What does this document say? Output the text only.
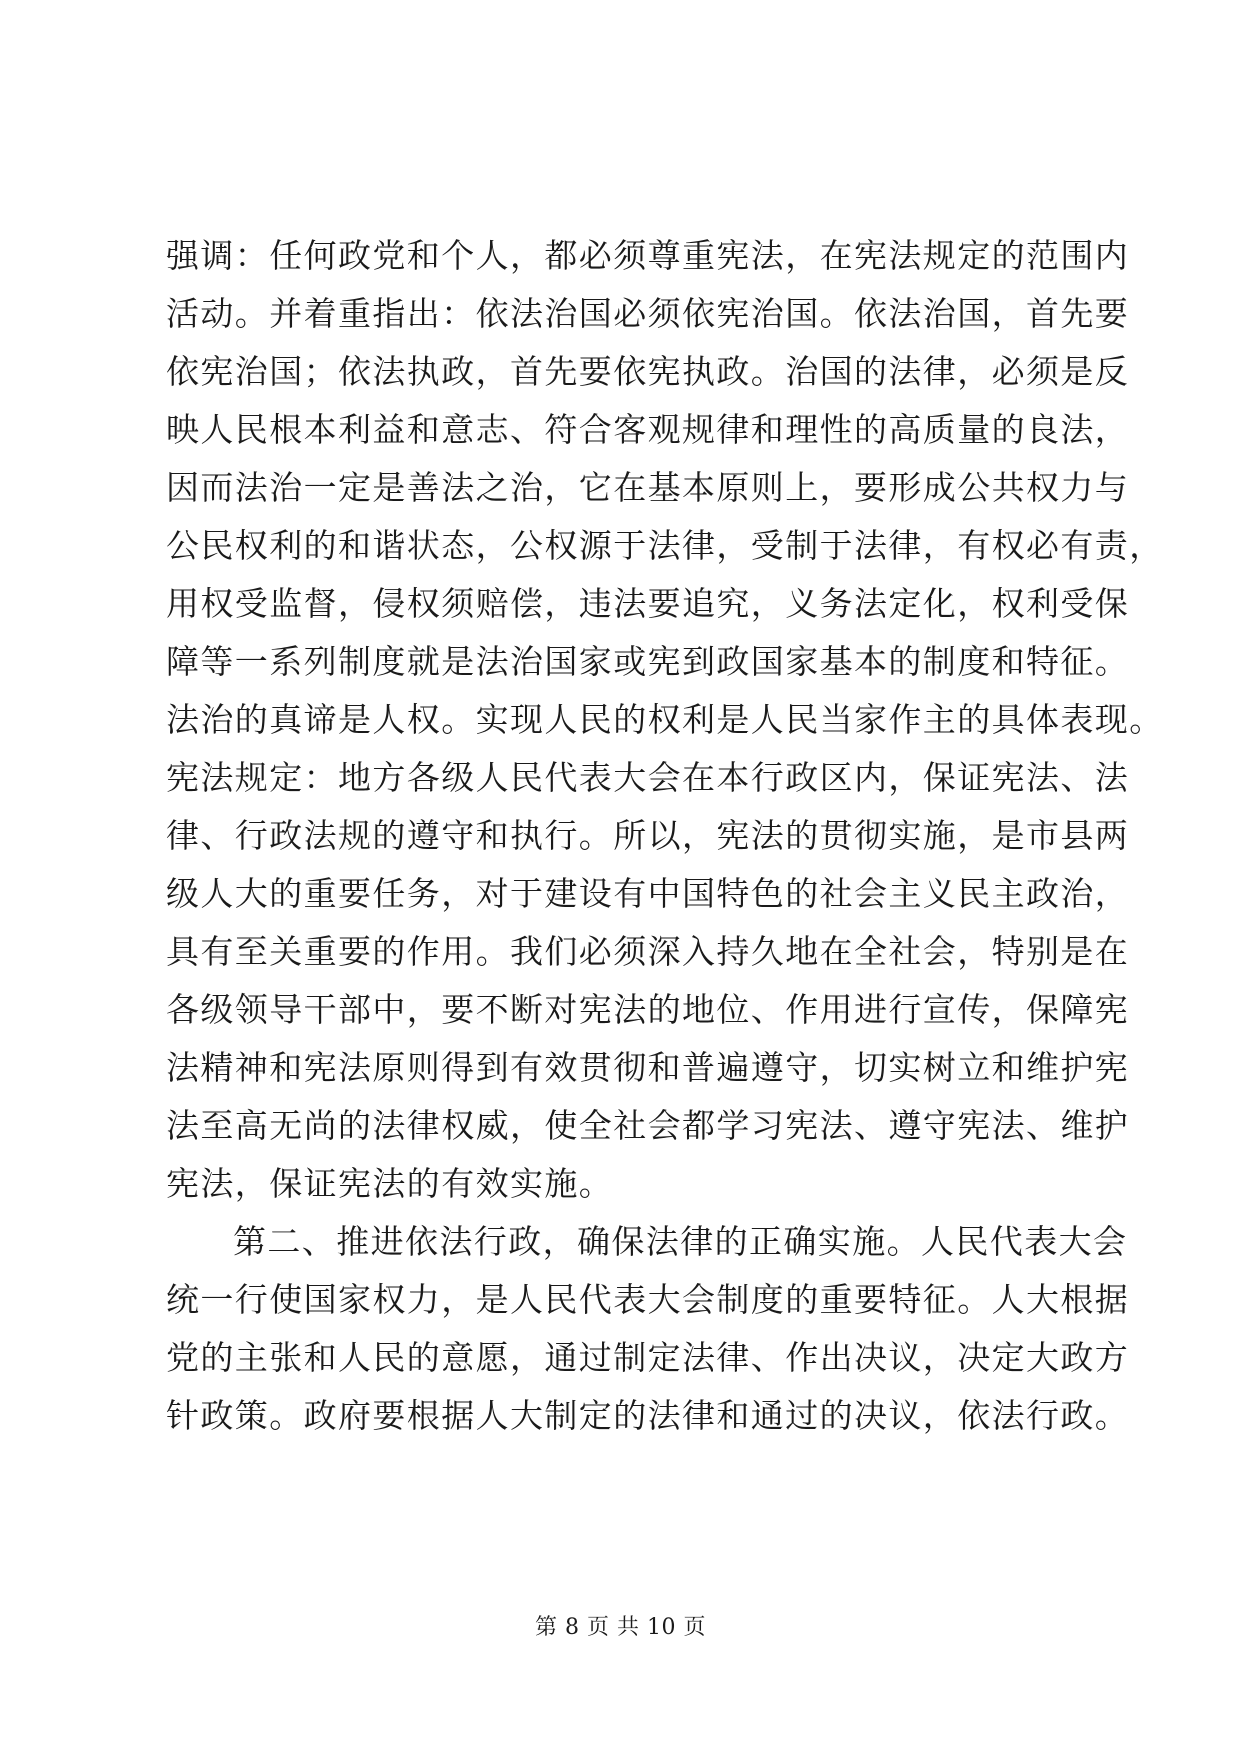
强调：任何政党和个人，都必须尊重宪法，在宪法规定的范围内
活动。并着重指出：依法治国必须依宪治国。依法治国，首先要
依宪治国；依法执政，首先要依宪执政。治国的法律，必须是反
映人民根本利益和意志、符合客观规律和理性的高质量的良法，
因而法治一定是善法之治，它在基本原则上，要形成公共权力与
公民权利的和谐状态，公权源于法律，受制于法律，有权必有责，
用权受监督，侵权须赔偿，违法要追究，义务法定化，权利受保
障等一系列制度就是法治国家或宪到政国家基本的制度和特征。
法治的真谛是人权。实现人民的权利是人民当家作主的具体表现。
宪法规定：地方各级人民代表大会在本行政区内，保证宪法、法
律、行政法规的遵守和执行。所以，宪法的贯彻实施，是市县两
级人大的重要任务，对于建设有中国特色的社会主义民主政治，
具有至关重要的作用。我们必须深入持久地在全社会，特别是在
各级领导干部中，要不断对宪法的地位、作用进行宣传，保障宪
法精神和宪法原则得到有效贯彻和普遍遵守，切实树立和维护宪
法至高无尚的法律权威，使全社会都学习宪法、遵守宪法、维护
宪法，保证宪法的有效实施。
第二、推进依法行政，确保法律的正确实施。人民代表大会
统一行使国家权力，是人民代表大会制度的重要特征。人大根据
党的主张和人民的意愿，通过制定法律、作出决议，决定大政方
针政策。政府要根据人大制定的法律和通过的决议，依法行政。
第 8 页 共 10 页
